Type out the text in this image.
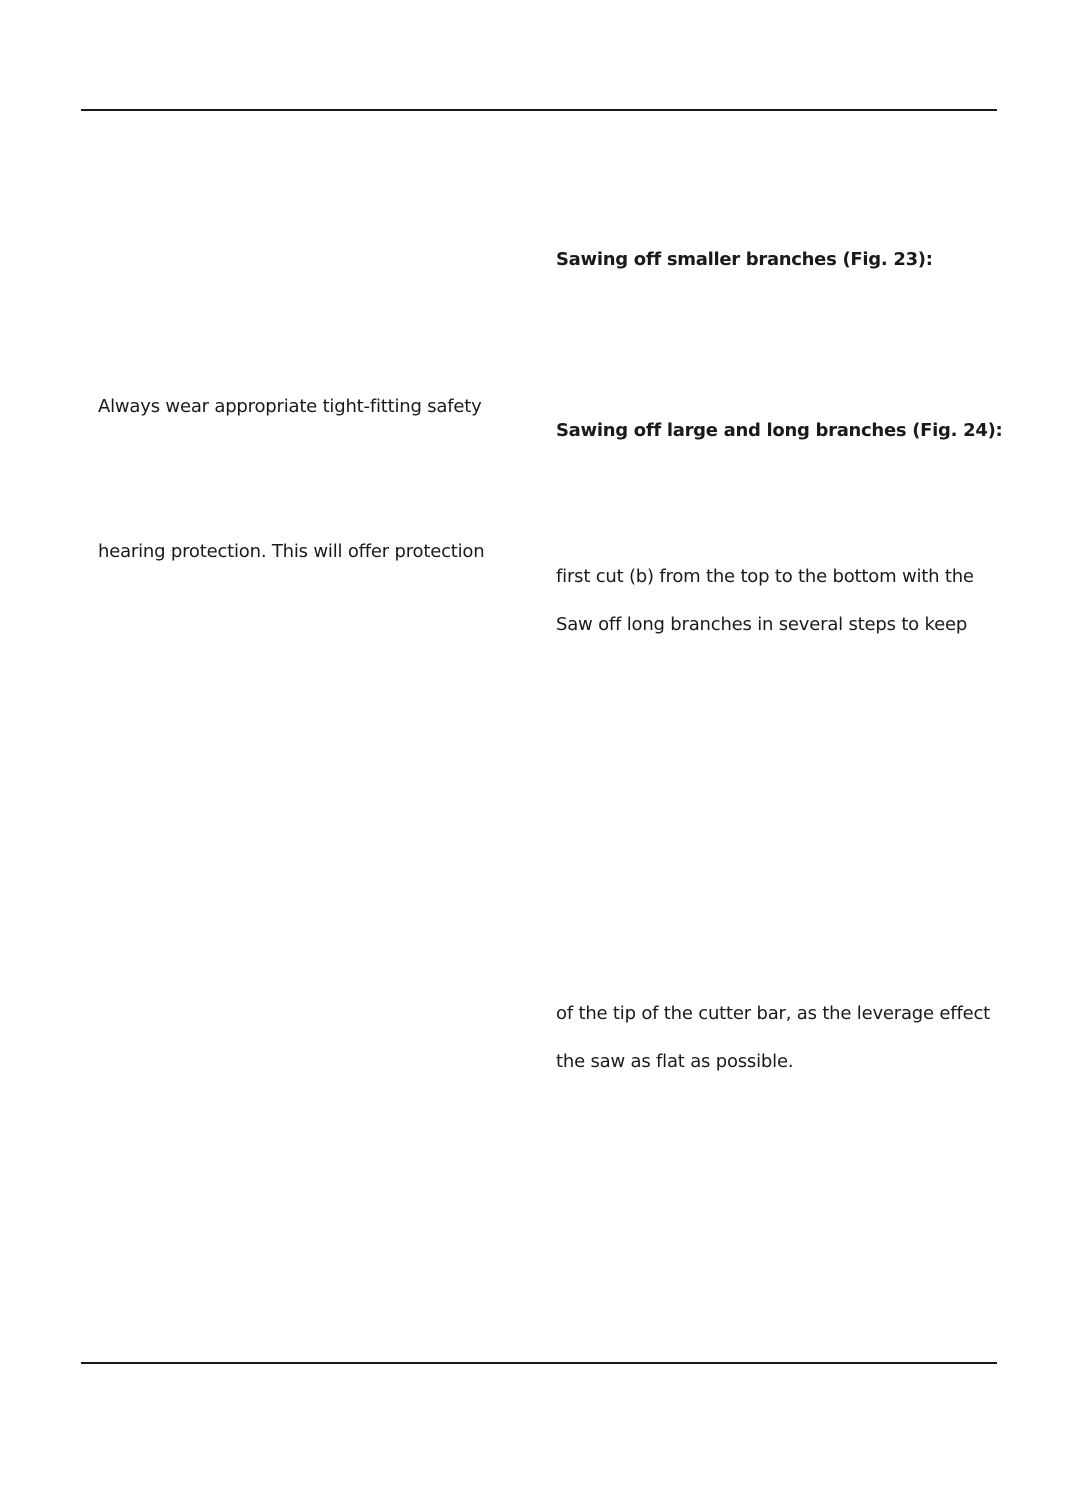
Sawing off smaller branches (Fig. 23):
Always wear appropriate tight-fitting safety
Sawing off large and long branches (Fig. 24):
hearing protection. This will offer protection
first cut (b) from the top to the bottom with the
Saw off long branches in several steps to keep
of the tip of the cutter bar, as the leverage effect
the saw as flat as possible.
